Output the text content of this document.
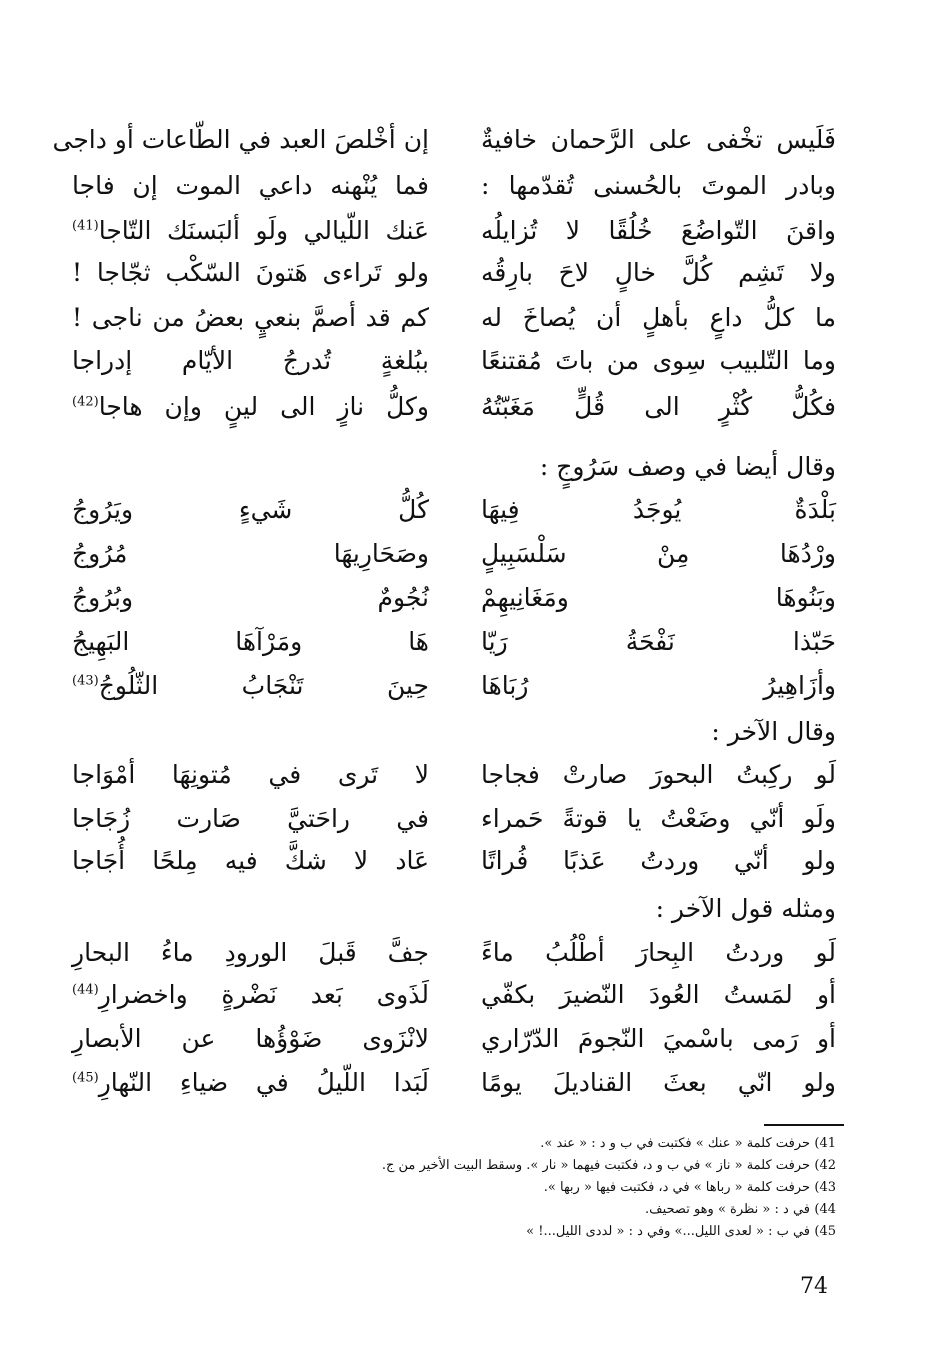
فَلَيس تخْفى على الرَّحمان خافيةٌ
إن أخْلصَ العبد في الطّاعات أو داجى
وبادر الموتَ بالحُسنى تُقدّمها :
فما يُنْهنه داعي الموت إن فاجا
واقنَ التّواضُعَ خُلُقًا لا تُزايلُه
عَنك اللّيالي ولَو ألبَسنَك التّاجا$^{(41)}$
ولا تَشِم كُلَّ خالٍ لاحَ بارِقُه
ولو تَراءى هَتونَ السّكْب ثجّاجا !
ما كلُّ داعٍ بأهلٍ أن يُصاخَ له
كم قد أصمَّ بنعيٍ بعضُ من ناجى !
وما التّلبيب سِوى من باتَ مُقتنعًا
ببُلغةٍ تُدرجُ الأيّام إدراجا
فكُلُّ كُثْرٍ الى قُلٍّ مَغَبّتُهُ
وكلُّ نازٍ الى لينٍ وإن هاجا$^{(42)}$
وقال أيضا في وصف سَرُوجٍ :
بَلْدَةٌ يُوجَدُ فِيهَا
كُلُّ شَيءٍ ويَرُوجُ
ورْدُهَا مِنْ سَلْسَبِيلٍ
وصَحَارِيهَا مُرُوجُ
وبَنُوهَا ومَغَانِيهِمْ
نُجُومٌ وبُرُوجُ
حَبّذا نَفْحَةُ رَيّا
هَا ومَرْآهَا البَهِيجُ
وأزَاهِيرُ رُبَاهَا
حِينَ تَنْجَابُ الثّلُوجُ$^{(43)}$
وقال الآخر :
لَو ركِبتُ البحورَ صارتْ فجاجا
لا تَرى في مُتونِهَا أمْوَاجا
ولَو أنّي وضَعْتُ يا قوتةً حَمراء
في راحَتيَّ صَارت زُجَاجا
ولو أنّي وردتُ عَذبًا فُراتًا
عَاد لا شكَّ فيه مِلحًا أُجَاجا
ومثله قول الآخر :
لَو وردتُ البِحارَ أطْلُبُ ماءً
جفَّ قَبلَ الورودِ ماءُ البحارِ
أو لمَستُ العُودَ النّضيرَ بكفّي
لَذَوى بَعد نَضْرةٍ واخضرارِ$^{(44)}$
أو رَمى باسْميَ النّجومَ الدّرّاري
لانْزَوى ضَوْؤُها عن الأبصارِ
ولو انّي بعثَ القناديلَ يومًا
لَبَدا اللّيلُ في ضياءِ النّهارِ$^{(45)}$
41)حرفت كلمة « عنك » فكتبت في ب و د : « عند ».
42)حرفت كلمة « ناز » في ب و د، فكتبت فيهما « نار ». وسقط البيت الأخير من ج.
43)حرفت كلمة « رباها » في د، فكتبت فيها « ربها ».
44)في د : « نظرة » وهو تصحيف.
45)في ب : « لعدى الليل...» وفي د : « لددى الليل...! »
74
